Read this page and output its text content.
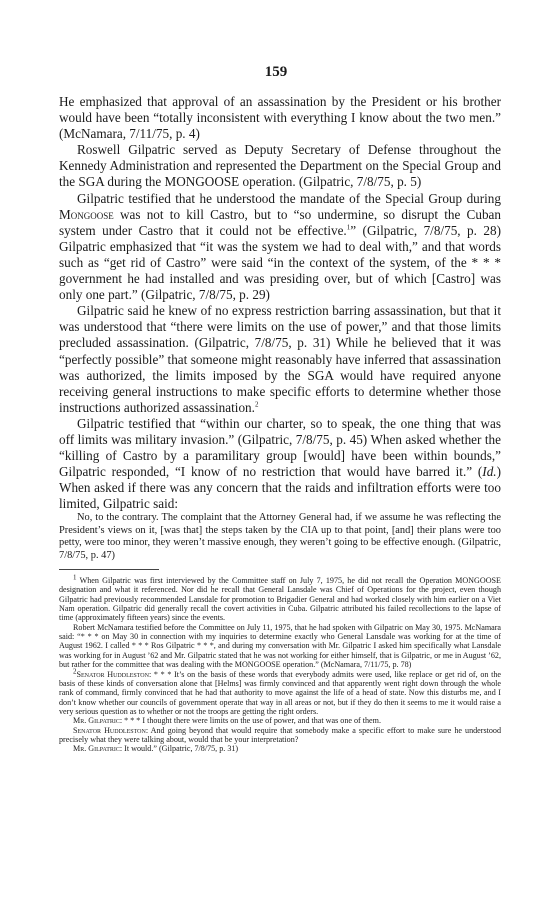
159

He emphasized that approval of an assassination by the President or his brother would have been “totally inconsistent with everything I know about the two men.” (McNamara, 7/11/75, p. 4)

Roswell Gilpatric served as Deputy Secretary of Defense throughout the Kennedy Administration and represented the Department on the Special Group and the SGA during the MONGOOSE operation. (Gilpatric, 7/8/75, p. 5)

Gilpatric testified that he understood the mandate of the Special Group during Mongoose was not to kill Castro, but to “so undermine, so disrupt the Cuban system under Castro that it could not be effective.$^1$” (Gilpatric, 7/8/75, p. 28) Gilpatric emphasized that “it was the system we had to deal with,” and that words such as “get rid of Castro” were said “in the context of the system, of the * * * government he had installed and was presiding over, but of which [Castro] was only one part.” (Gilpatric, 7/8/75, p. 29)

Gilpatric said he knew of no express restriction barring assassination, but that it was understood that “there were limits on the use of power,” and that those limits precluded assassination. (Gilpatric, 7/8/75, p. 31) While he believed that it was “perfectly possible” that someone might reasonably have inferred that assassination was authorized, the limits imposed by the SGA would have required anyone receiving general instructions to make specific efforts to determine whether those instructions authorized assassination.$^2$

Gilpatric testified that “within our charter, so to speak, the one thing that was off limits was military invasion.” (Gilpatric, 7/8/75, p. 45) When asked whether the “killing of Castro by a paramilitary group [would] have been within bounds,” Gilpatric responded, “I know of no restriction that would have barred it.” (Id.) When asked if there was any concern that the raids and infiltration efforts were too limited, Gilpatric said:

No, to the contrary. The complaint that the Attorney General had, if we assume he was reflecting the President’s views on it, [was that] the steps taken by the CIA up to that point, [and] their plans were too petty, were too minor, they weren’t massive enough, they weren’t going to be effective enough. (Gilpatric, 7/8/75, p. 47)

$^1$ When Gilpatric was first interviewed by the Committee staff on July 7, 1975, he did not recall the Operation MONGOOSE designation and what it referenced. Nor did he recall that General Lansdale was Chief of Operations for the project, even though Gilpatric had previously recommended Lansdale for promotion to Brigadier General and had worked closely with him earlier on a Viet Nam operation. Gilpatric did generally recall the covert activities in Cuba. Gilpatric attributed his failed recollections to the lapse of time (approximately fifteen years) since the events.

Robert McNamara testified before the Committee on July 11, 1975, that he had spoken with Gilpatric on May 30, 1975. McNamara said: “* * * on May 30 in connection with my inquiries to determine exactly who General Lansdale was working for at the time of August 1962. I called * * * Ros Gilpatric * * *, and during my conversation with Mr. Gilpatric I asked him specifically what Lansdale was working for in August ’62 and Mr. Gilpatric stated that he was not working for either himself, that is Gilpatric, or me in August ’62, but rather for the committee that was dealing with the MONGOOSE operation.” (McNamara, 7/11/75, p. 78)

$^2$Senator Huddleston: * * * It’s on the basis of these words that everybody admits were used, like replace or get rid of, on the basis of these kinds of conversation alone that [Helms] was firmly convinced and that apparently went right down through the whole rank of command, firmly convinced that he had that authority to move against the life of a head of state. Now this disturbs me, and I don’t know whether our councils of government operate that way in all areas or not, but if they do then it seems to me it would raise a very serious question as to whether or not the troops are getting the right orders.

Mr. Gilpatric: * * * I thought there were limits on the use of power, and that was one of them.

Senator Huddleston: And going beyond that would require that somebody make a specific effort to make sure he understood precisely what they were talking about, would that be your interpretation?

Mr. Gilpatric: It would.” (Gilpatric, 7/8/75, p. 31)
